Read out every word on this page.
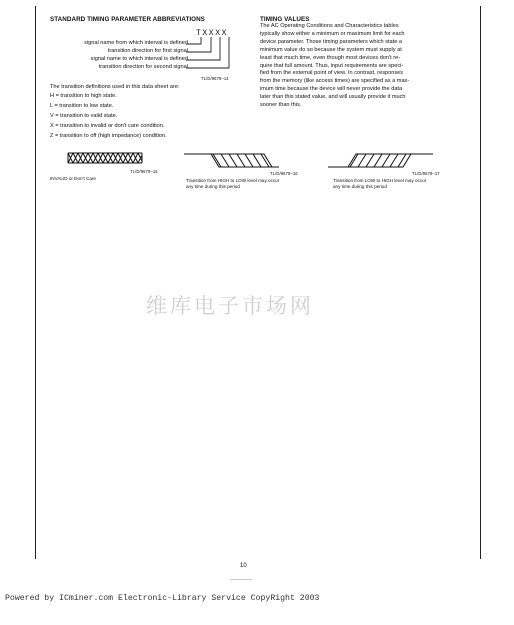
STANDARD TIMING PARAMETER ABBREVIATIONS
TXXXX
signal name from which interval is defined
transition direction for first signal
signal name to which interval is defined
transition direction for second signal
TL/D/9679–14
The transition definitions used in this data sheet are:
H = transition to high state.
L = transition to low state.
V = transition to valid state.
X = transition to invalid or don't care condition.
Z = transition to off (high impedance) condition.
TIMING VALUES
The AC Operating Conditions and Characteristics tables
typically show either a minimum or maximum limit for each
device parameter. Those timing parameters which state a
minimum value do so because the system must supply at
least that much time, even though most devices don't re-
quire that full amount. Thus, input requirements are speci-
fied from the external point of view. In contrast, responses
from the memory (like access times) are specified as a max-
imum time because the device will never provide the data
later than this stated value, and will usually provide it much
sooner than this.
TL/D/9679–15
INVALID or Don't Care
TL/D/9679–16
Transition from HIGH to LOW level may occur
any time during this period
TL/D/9679–17
Transition from LOW to HIGH level may occur
any time during this period
维库电子市场网
10
Powered by ICminer.com Electronic-Library Service CopyRight 2003
